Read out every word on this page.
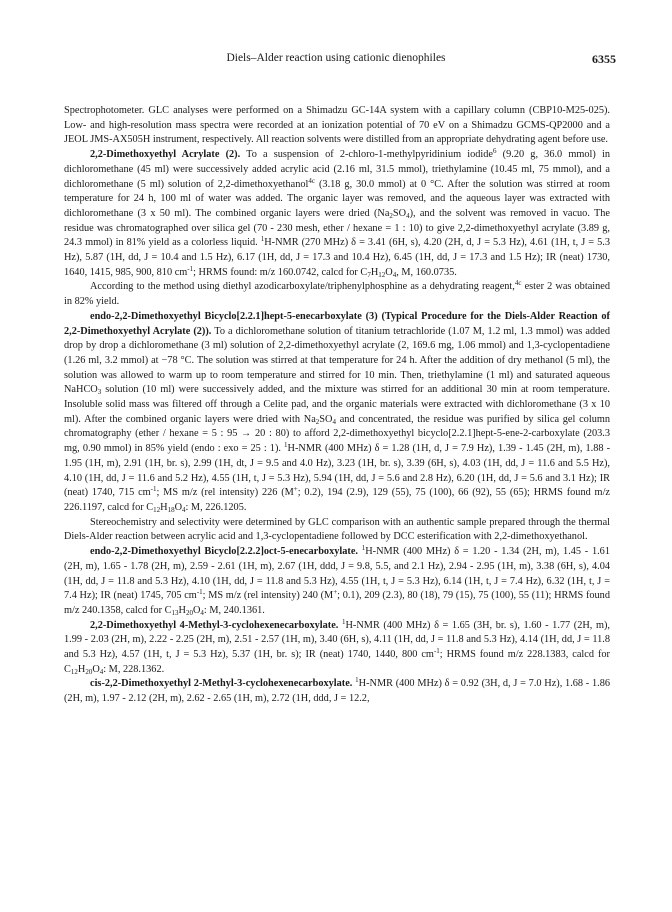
Diels–Alder reaction using cationic dienophiles	6355

Spectrophotometer. GLC analyses were performed on a Shimadzu GC-14A system with a capillary column (CBP10-M25-025). Low- and high-resolution mass spectra were recorded at an ionization potential of 70 eV on a Shimadzu GCMS-QP2000 and a JEOL JMS-AX505H instrument, respectively. All reaction solvents were distilled from an appropriate dehydrating agent before use.

2,2-Dimethoxyethyl Acrylate (2). To a suspension of 2-chloro-1-methylpyridinium iodide$^6$ (9.20 g, 36.0 mmol) in dichloromethane (45 ml) were successively added acrylic acid (2.16 ml, 31.5 mmol), triethylamine (10.45 ml, 75 mmol), and a dichloromethane (5 ml) solution of 2,2-dimethoxyethanol$^{4c}$ (3.18 g, 30.0 mmol) at 0 °C. After the solution was stirred at room temperature for 24 h, 100 ml of water was added. The organic layer was removed, and the aqueous layer was extracted with dichloromethane (3 x 50 ml). The combined organic layers were dried $(Na_2SO_4)$, and the solvent was removed in vacuo. The residue was chromatographed over silica gel (70 - 230 mesh, ether / hexane = 1 : 10) to give 2,2-dimethoxyethyl acrylate (3.89 g, 24.3 mmol) in 81% yield as a colorless liquid. $^1$H-NMR (270 MHz) δ = 3.41 (6H, s), 4.20 (2H, d, J = 5.3 Hz), 4.61 (1H, t, J = 5.3 Hz), 5.87 (1H, dd, J = 10.4 and 1.5 Hz), 6.17 (1H, dd, J = 17.3 and 10.4 Hz), 6.45 (1H, dd, J = 17.3 and 1.5 Hz); IR (neat) 1730, 1640, 1415, 985, 900, 810 $cm^{-1}$; HRMS found: m/z 160.0742, calcd for $C_7H_{12}O_4$, M, 160.0735.

According to the method using diethyl azodicarboxylate/triphenylphosphine as a dehydrating reagent,$^{4c}$ ester 2 was obtained in 82% yield.

endo-2,2-Dimethoxyethyl Bicyclo[2.2.1]hept-5-enecarboxylate (3) (Typical Procedure for the Diels-Alder Reaction of 2,2-Dimethoxyethyl Acrylate (2)). To a dichloromethane solution of titanium tetrachloride (1.07 M, 1.2 ml, 1.3 mmol) was added drop by drop a dichloromethane (3 ml) solution of 2,2-dimethoxyethyl acrylate (2, 169.6 mg, 1.06 mmol) and 1,3-cyclopentadiene (1.26 ml, 3.2 mmol) at −78 °C. The solution was stirred at that temperature for 24 h. After the addition of dry methanol (5 ml), the solution was allowed to warm up to room temperature and stirred for 10 min. Then, triethylamine (1 ml) and saturated aqueous NaHCO$_3$ solution (10 ml) were successively added, and the mixture was stirred for an additional 30 min at room temperature. Insoluble solid mass was filtered off through a Celite pad, and the organic materials were extracted with dichloromethane (3 x 10 ml). After the combined organic layers were dried with $Na_2SO_4$ and concentrated, the residue was purified by silica gel column chromatography (ether / hexane = 5 : 95 → 20 : 80) to afford 2,2-dimethoxyethyl bicyclo[2.2.1]hept-5-ene-2-carboxylate (203.3 mg, 0.90 mmol) in 85% yield (endo : exo = 25 : 1). $^1$H-NMR (400 MHz) δ = 1.28 (1H, d, J = 7.9 Hz), 1.39 - 1.45 (2H, m), 1.88 - 1.95 (1H, m), 2.91 (1H, br. s), 2.99 (1H, dt, J = 9.5 and 4.0 Hz), 3.23 (1H, br. s), 3.39 (6H, s), 4.03 (1H, dd, J = 11.6 and 5.5 Hz), 4.10 (1H, dd, J = 11.6 and 5.2 Hz), 4.55 (1H, t, J = 5.3 Hz), 5.94 (1H, dd, J = 5.6 and 2.8 Hz), 6.20 (1H, dd, J = 5.6 and 3.1 Hz); IR (neat) 1740, 715 $cm^{-1}$; MS m/z (rel intensity) 226 (M+; 0.2), 194 (2.9), 129 (55), 75 (100), 66 (92), 55 (65); HRMS found m/z 226.1197, calcd for $C_{12}H_{18}O_4$: M, 226.1205.

Stereochemistry and selectivity were determined by GLC comparison with an authentic sample prepared through the thermal Diels-Alder reaction between acrylic acid and 1,3-cyclopentadiene followed by DCC esterification with 2,2-dimethoxyethanol.

endo-2,2-Dimethoxyethyl Bicyclo[2.2.2]oct-5-enecarboxylate. $^1$H-NMR (400 MHz) δ = 1.20 - 1.34 (2H, m), 1.45 - 1.61 (2H, m), 1.65 - 1.78 (2H, m), 2.59 - 2.61 (1H, m), 2.67 (1H, ddd, J = 9.8, 5.5, and 2.1 Hz), 2.94 - 2.95 (1H, m), 3.38 (6H, s), 4.04 (1H, dd, J = 11.8 and 5.3 Hz), 4.10 (1H, dd, J = 11.8 and 5.3 Hz), 4.55 (1H, t, J = 5.3 Hz), 6.14 (1H, t, J = 7.4 Hz), 6.32 (1H, t, J = 7.4 Hz); IR (neat) 1745, 705 $cm^{-1}$; MS m/z (rel intensity) 240 (M+; 0.1), 209 (2.3), 80 (18), 79 (15), 75 (100), 55 (11); HRMS found m/z 240.1358, calcd for $C_{13}H_{20}O_4$: M, 240.1361.

2,2-Dimethoxyethyl 4-Methyl-3-cyclohexenecarboxylate. $^1$H-NMR (400 MHz) δ = 1.65 (3H, br. s), 1.60 - 1.77 (2H, m), 1.99 - 2.03 (2H, m), 2.22 - 2.25 (2H, m), 2.51 - 2.57 (1H, m), 3.40 (6H, s), 4.11 (1H, dd, J = 11.8 and 5.3 Hz), 4.14 (1H, dd, J = 11.8 and 5.3 Hz), 4.57 (1H, t, J = 5.3 Hz), 5.37 (1H, br. s); IR (neat) 1740, 1440, 800 $cm^{-1}$; HRMS found m/z 228.1383, calcd for $C_{12}H_{20}O_4$: M, 228.1362.

cis-2,2-Dimethoxyethyl 2-Methyl-3-cyclohexenecarboxylate. $^1$H-NMR (400 MHz) δ = 0.92 (3H, d, J = 7.0 Hz), 1.68 - 1.86 (2H, m), 1.97 - 2.12 (2H, m), 2.62 - 2.65 (1H, m), 2.72 (1H, ddd, J = 12.2,
